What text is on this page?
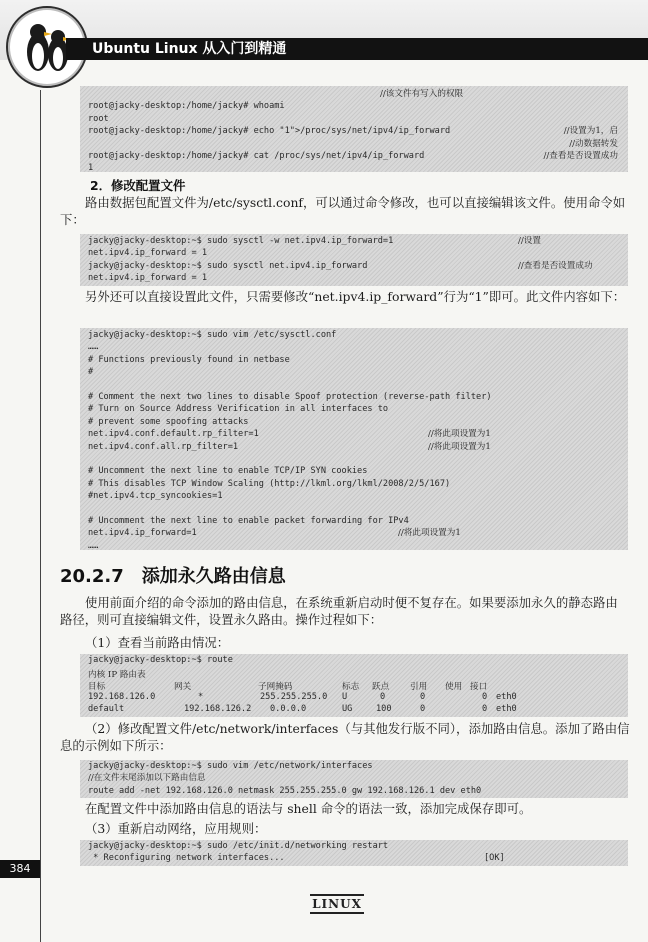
Ubuntu Linux 从入门到精通
384
//该文件有写入的权限
root@jacky-desktop:/home/jacky# whoami
root
root@jacky-desktop:/home/jacky# echo "1">/proc/sys/net/ipv4/ip_forward	//设置为1，启
//动数据转发
root@jacky-desktop:/home/jacky# cat /proc/sys/net/ipv4/ip_forward	//查看是否设置成功
1
2．修改配置文件
路由数据包配置文件为/etc/sysctl.conf，可以通过命令修改，也可以直接编辑该文件。使用命令如下：
jacky@jacky-desktop:~$ sudo sysctl -w net.ipv4.ip_forward=1	//设置
net.ipv4.ip_forward = 1
jacky@jacky-desktop:~$ sudo sysctl net.ipv4.ip_forward	//查看是否设置成功
net.ipv4.ip_forward = 1
另外还可以直接设置此文件，只需要修改“net.ipv4.ip_forward”行为“1”即可。此文件内容如下：
jacky@jacky-desktop:~$ sudo vim /etc/sysctl.conf
……
# Functions previously found in netbase
#
# Comment the next two lines to disable Spoof protection (reverse-path filter)
# Turn on Source Address Verification in all interfaces to
# prevent some spoofing attacks
net.ipv4.conf.default.rp_filter=1	//将此项设置为1
net.ipv4.conf.all.rp_filter=1	//将此项设置为1
# Uncomment the next line to enable TCP/IP SYN cookies
# This disables TCP Window Scaling (http://lkml.org/lkml/2008/2/5/167)
#net.ipv4.tcp_syncookies=1
# Uncomment the next line to enable packet forwarding for IPv4
net.ipv4.ip_forward=1	//将此项设置为1
……
20.2.7 添加永久路由信息
使用前面介绍的命令添加的路由信息，在系统重新启动时便不复存在。如果要添加永久的静态路由路径，则可直接编辑文件，设置永久路由。操作过程如下：
（1）查看当前路由情况：
jacky@jacky-desktop:~$ route
内核 IP 路由表
目标	网关	子网掩码	标志 跃点 引用 使用 接口
192.168.126.0	*	255.255.255.0 U	0	0	0 eth0
default	192.168.126.2 0.0.0.0	UG	100	0	0 eth0
（2）修改配置文件/etc/network/interfaces（与其他发行版不同），添加路由信息。添加了路由信息的示例如下所示：
jacky@jacky-desktop:~$ sudo vim /etc/network/interfaces
//在文件末尾添加以下路由信息
route add -net 192.168.126.0 netmask 255.255.255.0 gw 192.168.126.1 dev eth0
在配置文件中添加路由信息的语法与 shell 命令的语法一致，添加完成保存即可。
（3）重新启动网络，应用规则：
jacky@jacky-desktop:~$ sudo /etc/init.d/networking restart
* Reconfiguring network interfaces...	[OK]
LINUX
